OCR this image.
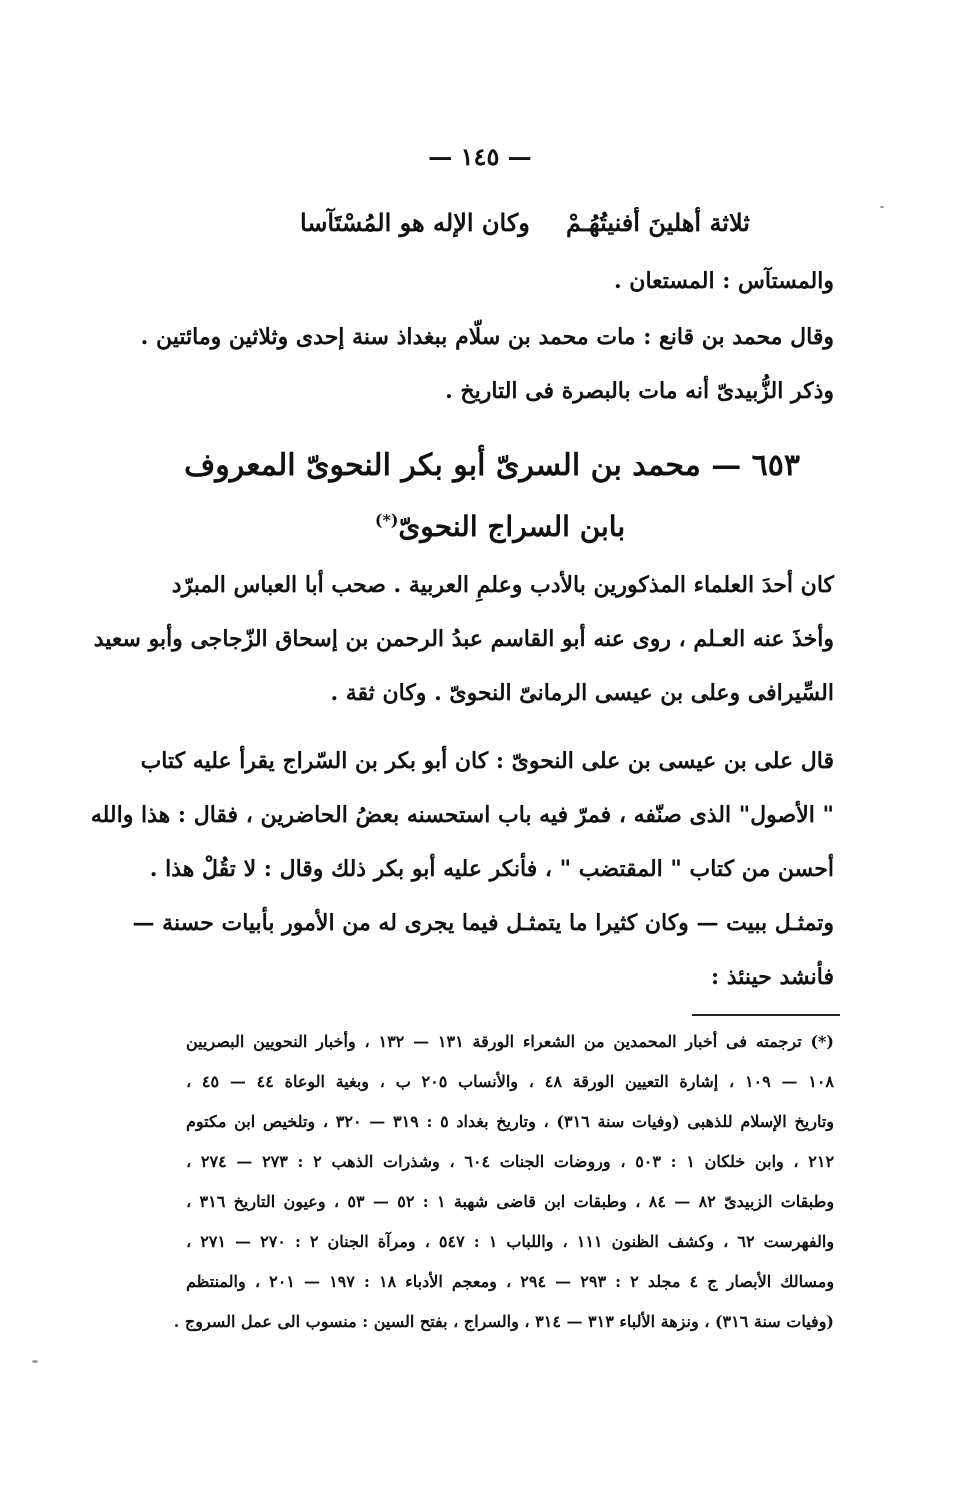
— ١٤٥ —
ثلاثة أهلينَ أفنيتُهُـمْ
وكان الإله هو المُسْتَآسا
والمستآس : المستعان .
وقال محمد بن قانع : مات محمد بن سلّام ببغداذ سنة إحدى وثلاثين ومائتين .
وذكر الزُّبيدىّ أنه مات بالبصرة فى التاريخ .
٦٥٣ — محمد بن السرىّ أبو بكر النحوىّ المعروف
بابن السراج النحوىّ(*)
كان أحدَ العلماء المذكورين بالأدب وعلمِ العربية . صحب أبا العباس المبرّد
وأخذَ عنه العـلم ، روى عنه أبو القاسم عبدُ الرحمن بن إسحاق الزّجاجى وأبو سعيد
السِّيرافى وعلى بن عيسى الرمانىّ النحوىّ . وكان ثقة .
قال على بن عيسى بن على النحوىّ : كان أبو بكر بن السّراج يقرأ عليه كتاب
" الأصول" الذى صنّفه ، فمرّ فيه باب استحسنه بعضُ الحاضرين ، فقال : هذا والله
أحسن من كتاب " المقتضب " ، فأنكر عليه أبو بكر ذلك وقال : لا تقُلْ هذا .
وتمثـل ببيت — وكان كثيرا ما يتمثـل فيما يجرى له من الأمور بأبيات حسنة —
فأنشد حينئذ :
(*) ترجمته فى أخبار المحمدين من الشعراء الورقة ١٣١ — ١٣٢ ، وأخبار النحويين البصريين
١٠٨ — ١٠٩ ، إشارة التعيين الورقة ٤٨ ، والأنساب ٢٠٥ ب ، وبغية الوعاة ٤٤ — ٤٥ ،
وتاريخ الإسلام للذهبى (وفيات سنة ٣١٦) ، وتاريخ بغداد ٥ : ٣١٩ — ٣٢٠ ، وتلخيص ابن مكتوم
٢١٢ ، وابن خلكان ١ : ٥٠٣ ، وروضات الجنات ٦٠٤ ، وشذرات الذهب ٢ : ٢٧٣ — ٢٧٤ ،
وطبقات الزبيدىّ ٨٢ — ٨٤ ، وطبقات ابن قاضى شهبة ١ : ٥٢ — ٥٣ ، وعيون التاريخ ٣١٦ ،
والفهرست ٦٢ ، وكشف الظنون ١١١ ، واللباب ١ : ٥٤٧ ، ومرآة الجنان ٢ : ٢٧٠ — ٢٧١ ،
ومسالك الأبصار ج ٤ مجلد ٢ : ٢٩٣ — ٢٩٤ ، ومعجم الأدباء ١٨ : ١٩٧ — ٢٠١ ، والمنتظم
(وفيات سنة ٣١٦) ، ونزهة الألباء ٣١٣ — ٣١٤ ، والسراج ، بفتح السين : منسوب الى عمل السروج .
